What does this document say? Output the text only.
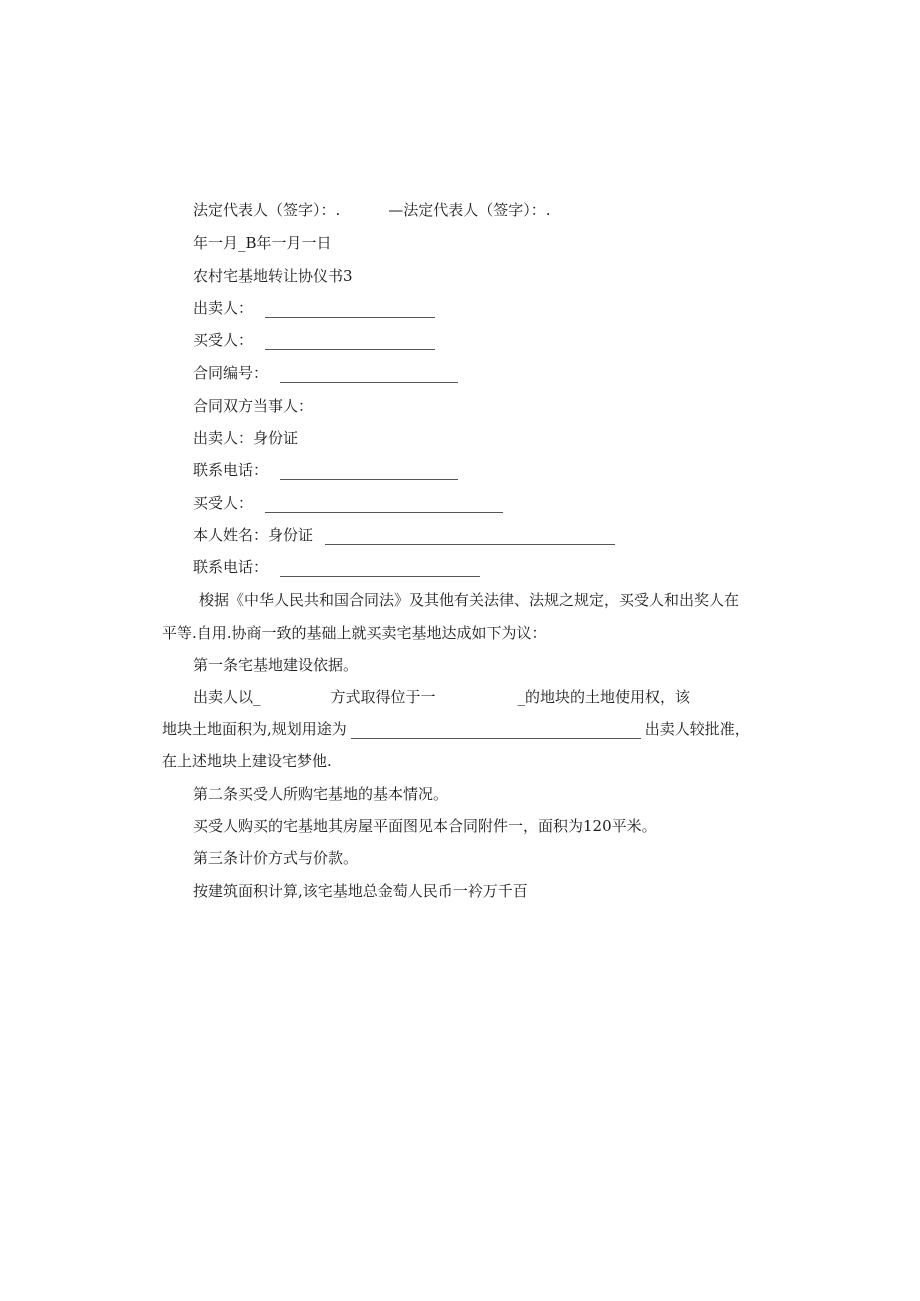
法定代表人（签字）：.	—法定代表人（签字）：.
年一月_B年一月一日
农村宅基地转让协仪书3
出卖人：
买受人：
合同编号：
合同双方当事人：
出卖人：身份证
联系电话：
买受人：
本人姓名：身份证
联系电话：
梭据《中华人民共和国合同法》及其他有关法律、法规之规定，买受人和出奖人在
平等.自用.协商一致的基础上就买卖宅基地达成如下为议：
第一条宅基地建设依据。
出卖人以_	方式取得位于一	_的地块的土地使用权，该
地块土地面积为,规划用途为	出卖人较批准，
在上述地块上建设宅梦他.
第二条买受人所购宅基地的基本情况。
买受人购买的宅基地其房屋平面图见本合同附件一，面积为120平米。
第三条计价方式与价款。
按建筑面积计算,该宅基地总金萄人民币一衿万千百
